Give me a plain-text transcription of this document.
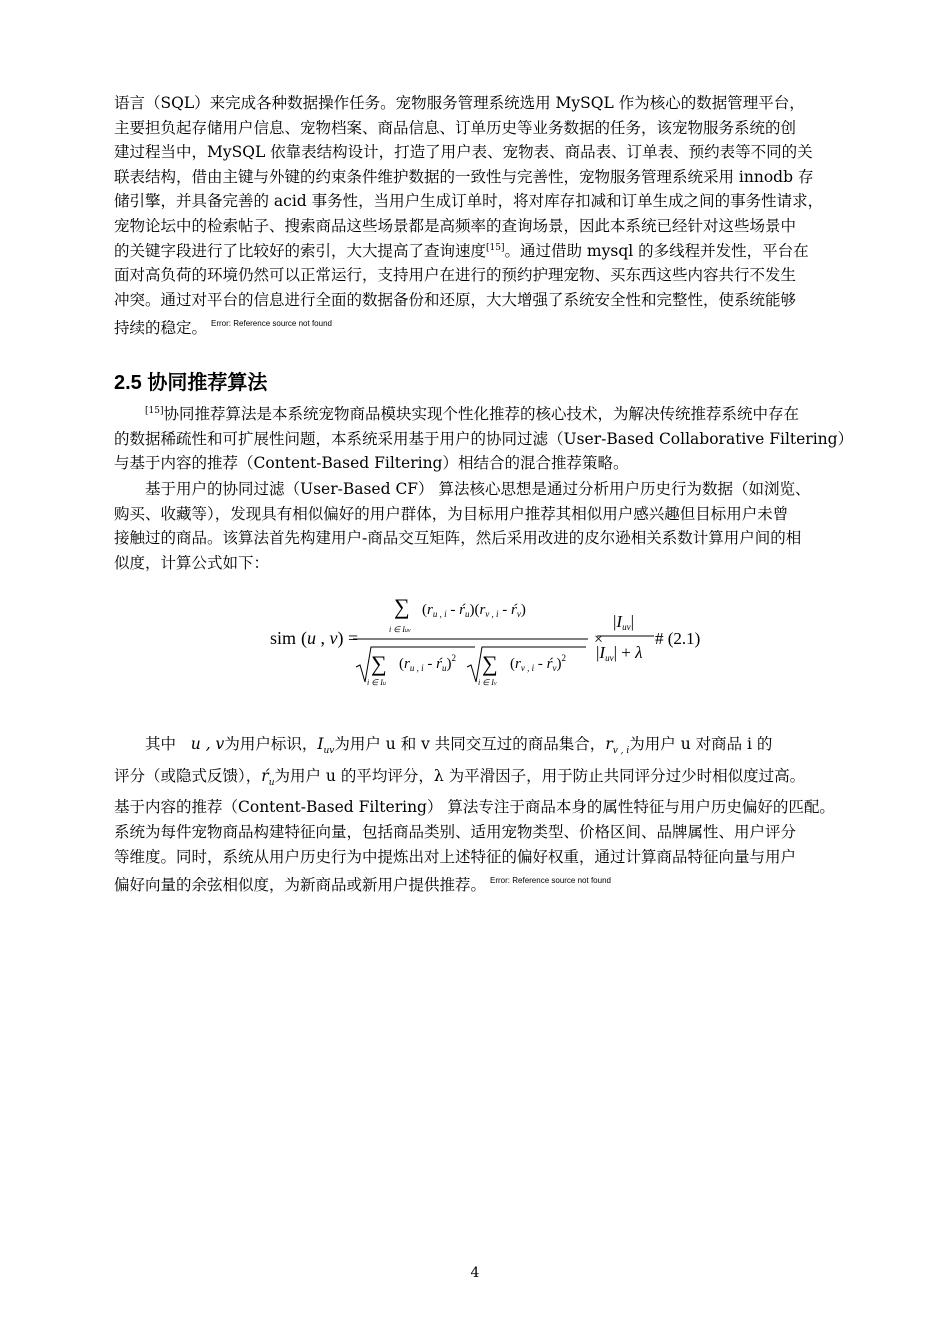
语言（SQL）来完成各种数据操作任务。宠物服务管理系统选用 MySQL 作为核心的数据管理平台，
主要担负起存储用户信息、宠物档案、商品信息、订单历史等业务数据的任务，该宠物服务系统的创
建过程当中，MySQL 依靠表结构设计，打造了用户表、宠物表、商品表、订单表、预约表等不同的关
联表结构，借由主键与外键的约束条件维护数据的一致性与完善性，宠物服务管理系统采用 innodb 存
储引擎，并具备完善的 acid 事务性，当用户生成订单时，将对库存扣减和订单生成之间的事务性请求，
宠物论坛中的检索帖子、搜索商品这些场景都是高频率的查询场景，因此本系统已经针对这些场景中
的关键字段进行了比较好的索引，大大提高了查询速度[15]。通过借助 mysql 的多线程并发性，平台在
面对高负荷的环境仍然可以正常运行，支持用户在进行的预约护理宠物、买东西这些内容共行不发生
冲突。通过对平台的信息进行全面的数据备份和还原，大大增强了系统安全性和完整性，使系统能够
持续的稳定。 $^{Error: Reference source not found}$
2.5 协同推荐算法
[15]协同推荐算法是本系统宠物商品模块实现个性化推荐的核心技术，为解决传统推荐系统中存在
的数据稀疏性和可扩展性问题，本系统采用基于用户的协同过滤（User-Based Collaborative Filtering）
与基于内容的推荐（Content-Based Filtering）相结合的混合推荐策略。
基于用户的协同过滤（User-Based CF） 算法核心思想是通过分析用户历史行为数据（如浏览、
购买、收藏等），发现具有相似偏好的用户群体，为目标用户推荐其相似用户感兴趣但目标用户未曾
接触过的商品。该算法首先构建用户-商品交互矩阵，然后采用改进的皮尔逊相关系数计算用户间的相
似度，计算公式如下：
sim (u , v) =
∑
i ∈ Iuv
($r_{u , i}$ - $ŕ_u)(r_{v , i}$ - $ŕ_v$)
∑
i ∈ Iu
($r_{u , i}$ - $ŕ_u)^2$ ∑
i ∈ Iv
($r_{v , i}$ - $ŕ_v)^2$
×
|Iuv|
|Iuv| + λ
# (2.1)
其中 u , v为用户标识，$I_{uv}$为用户 u 和 v 共同交互过的商品集合，$r_{v , i}$为用户 u 对商品 i 的
评分（或隐式反馈），$ŕ_u$为用户 u 的平均评分，λ 为平滑因子，用于防止共同评分过少时相似度过高。
基于内容的推荐（Content-Based Filtering） 算法专注于商品本身的属性特征与用户历史偏好的匹配。
系统为每件宠物商品构建特征向量，包括商品类别、适用宠物类型、价格区间、品牌属性、用户评分
等维度。同时，系统从用户历史行为中提炼出对上述特征的偏好权重，通过计算商品特征向量与用户
偏好向量的余弦相似度，为新商品或新用户提供推荐。 $^{Error: Reference source not found}$
4
